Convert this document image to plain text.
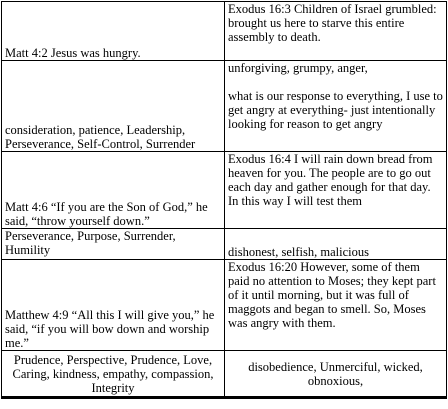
Matt 4:2 Jesus was hungry.	Exodus 16:3 Children of Israel grumbled: brought us here to starve this entire assembly to death.
consideration, patience, Leadership, Perseverance, Self-Control, Surrender	unforgiving, grumpy, anger,
what is our response to everything, I use to get angry at everything- just intentionally looking for reason to get angry
Matt 4:6 “If you are the Son of God,” he said, “throw yourself down.”	Exodus 16:4 I will rain down bread from heaven for you. The people are to go out each day and gather enough for that day. In this way I will test them
Perseverance, Purpose, Surrender, Humility	dishonest, selfish, malicious
Matthew 4:9 “All this I will give you,” he said, “if you will bow down and worship me.”	Exodus 16:20 However, some of them paid no attention to Moses; they kept part of it until morning, but it was full of maggots and began to smell. So, Moses was angry with them.
Prudence, Perspective, Prudence, Love, Caring, kindness, empathy, compassion, Integrity	disobedience, Unmerciful, wicked, obnoxious,
